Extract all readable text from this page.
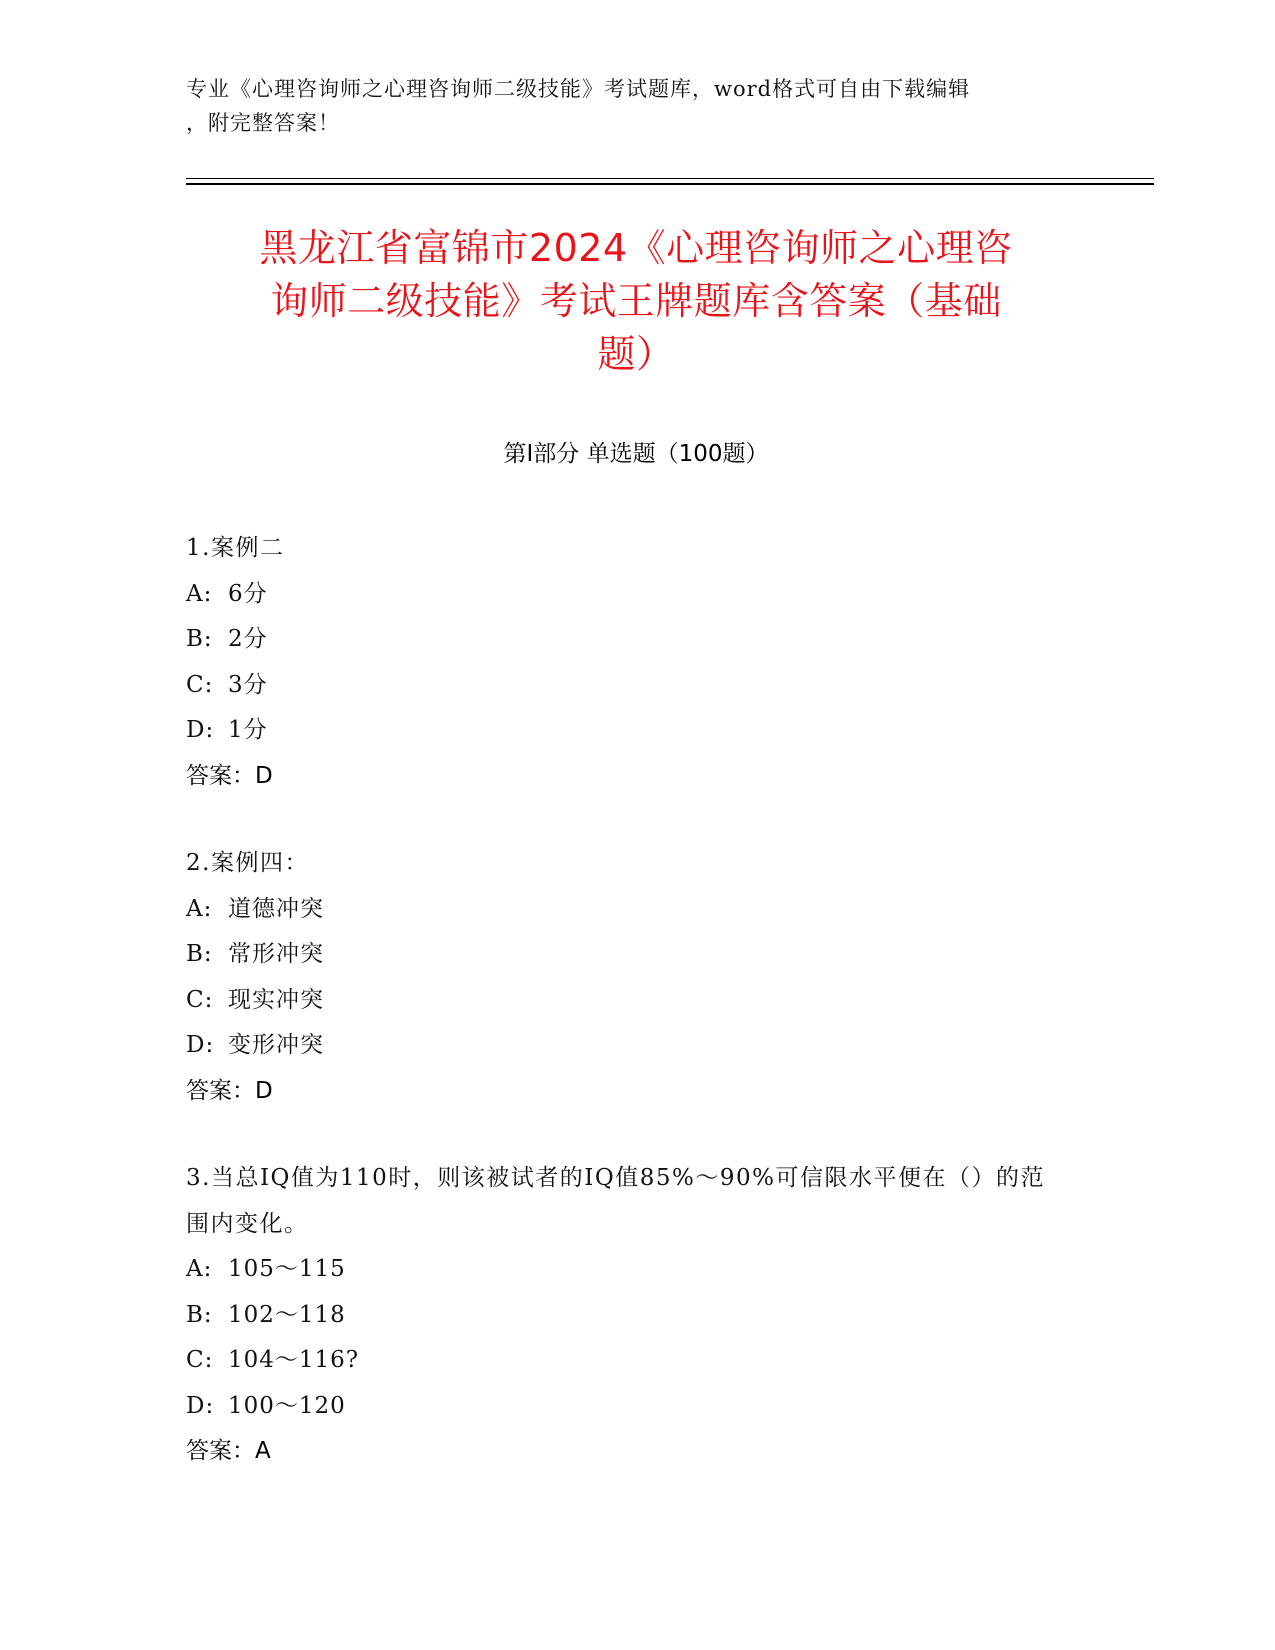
专业《心理咨询师之心理咨询师二级技能》考试题库，word格式可自由下载编辑
，附完整答案！
黑龙江省富锦市2024《心理咨询师之心理咨
询师二级技能》考试王牌题库含答案（基础
题）
第I部分 单选题（100题）
1.案例二
A: 6分
B: 2分
C: 3分
D: 1分
答案：D
2.案例四：
A: 道德冲突
B: 常形冲突
C: 现实冲突
D: 变形冲突
答案：D
3.当总IQ值为110时，则该被试者的IQ值85%～90%可信限水平便在（）的范围内变化。
A: 105～115
B: 102～118
C: 104～116?
D: 100～120
答案：A
